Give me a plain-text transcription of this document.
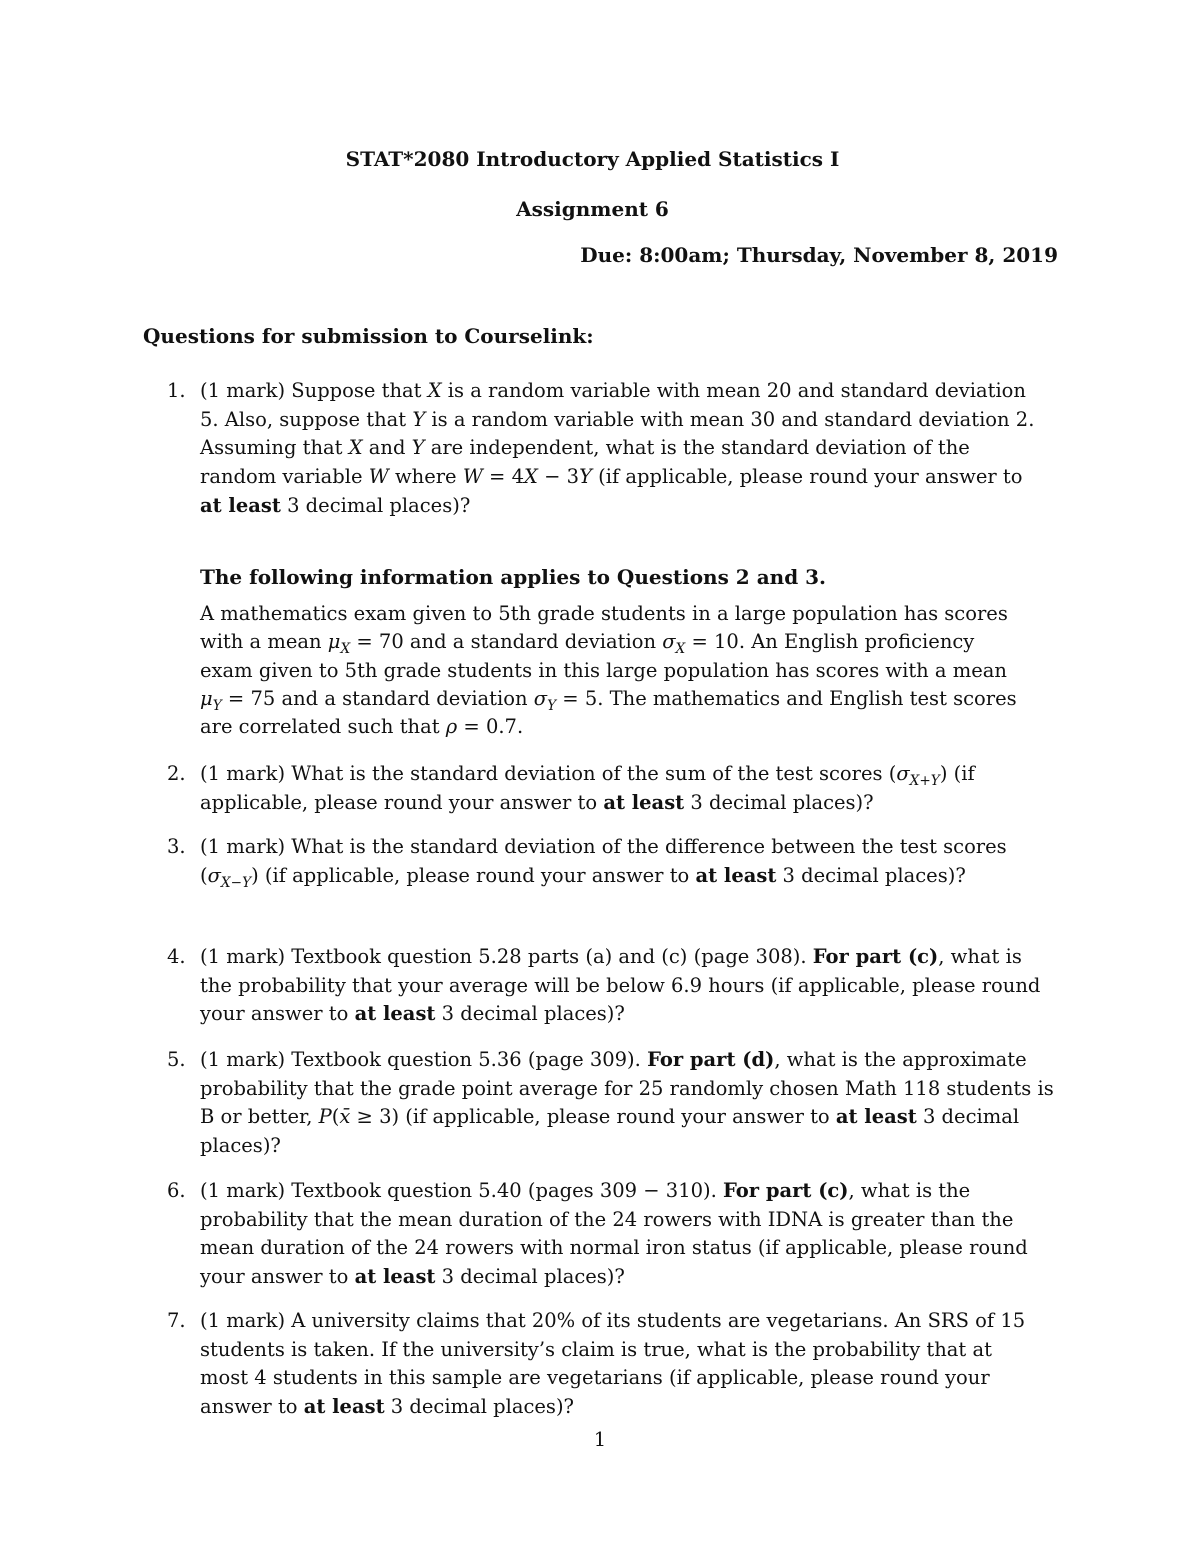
STAT*2080 Introductory Applied Statistics I
Assignment 6
Due: 8:00am; Thursday, November 8, 2019
Questions for submission to Courselink:
1. (1 mark) Suppose that X is a random variable with mean 20 and standard deviation
5. Also, suppose that Y is a random variable with mean 30 and standard deviation 2.
Assuming that X and Y are independent, what is the standard deviation of the
random variable W where W = 4X − 3Y (if applicable, please round your answer to
at least 3 decimal places)?
The following information applies to Questions 2 and 3.
A mathematics exam given to 5th grade students in a large population has scores
with a mean $\mu_X = 70$ and a standard deviation $\sigma_X = 10$. An English proficiency
exam given to 5th grade students in this large population has scores with a mean
$\mu_Y = 75$ and a standard deviation $\sigma_Y = 5$. The mathematics and English test scores
are correlated such that ρ = 0.7.
2. (1 mark) What is the standard deviation of the sum of the test scores $(\sigma_{X+Y})$ (if
applicable, please round your answer to at least 3 decimal places)?
3. (1 mark) What is the standard deviation of the difference between the test scores
$(\sigma_{X-Y})$ (if applicable, please round your answer to at least 3 decimal places)?
4. (1 mark) Textbook question 5.28 parts (a) and (c) (page 308). For part (c), what is
the probability that your average will be below 6.9 hours (if applicable, please round
your answer to at least 3 decimal places)?
5. (1 mark) Textbook question 5.36 (page 309). For part (d), what is the approximate
probability that the grade point average for 25 randomly chosen Math 118 students is
B or better, P(x̄ ≥ 3) (if applicable, please round your answer to at least 3 decimal
places)?
6. (1 mark) Textbook question 5.40 (pages 309 − 310). For part (c), what is the
probability that the mean duration of the 24 rowers with IDNA is greater than the
mean duration of the 24 rowers with normal iron status (if applicable, please round
your answer to at least 3 decimal places)?
7. (1 mark) A university claims that 20% of its students are vegetarians. An SRS of 15
students is taken. If the university’s claim is true, what is the probability that at
most 4 students in this sample are vegetarians (if applicable, please round your
answer to at least 3 decimal places)?
1
